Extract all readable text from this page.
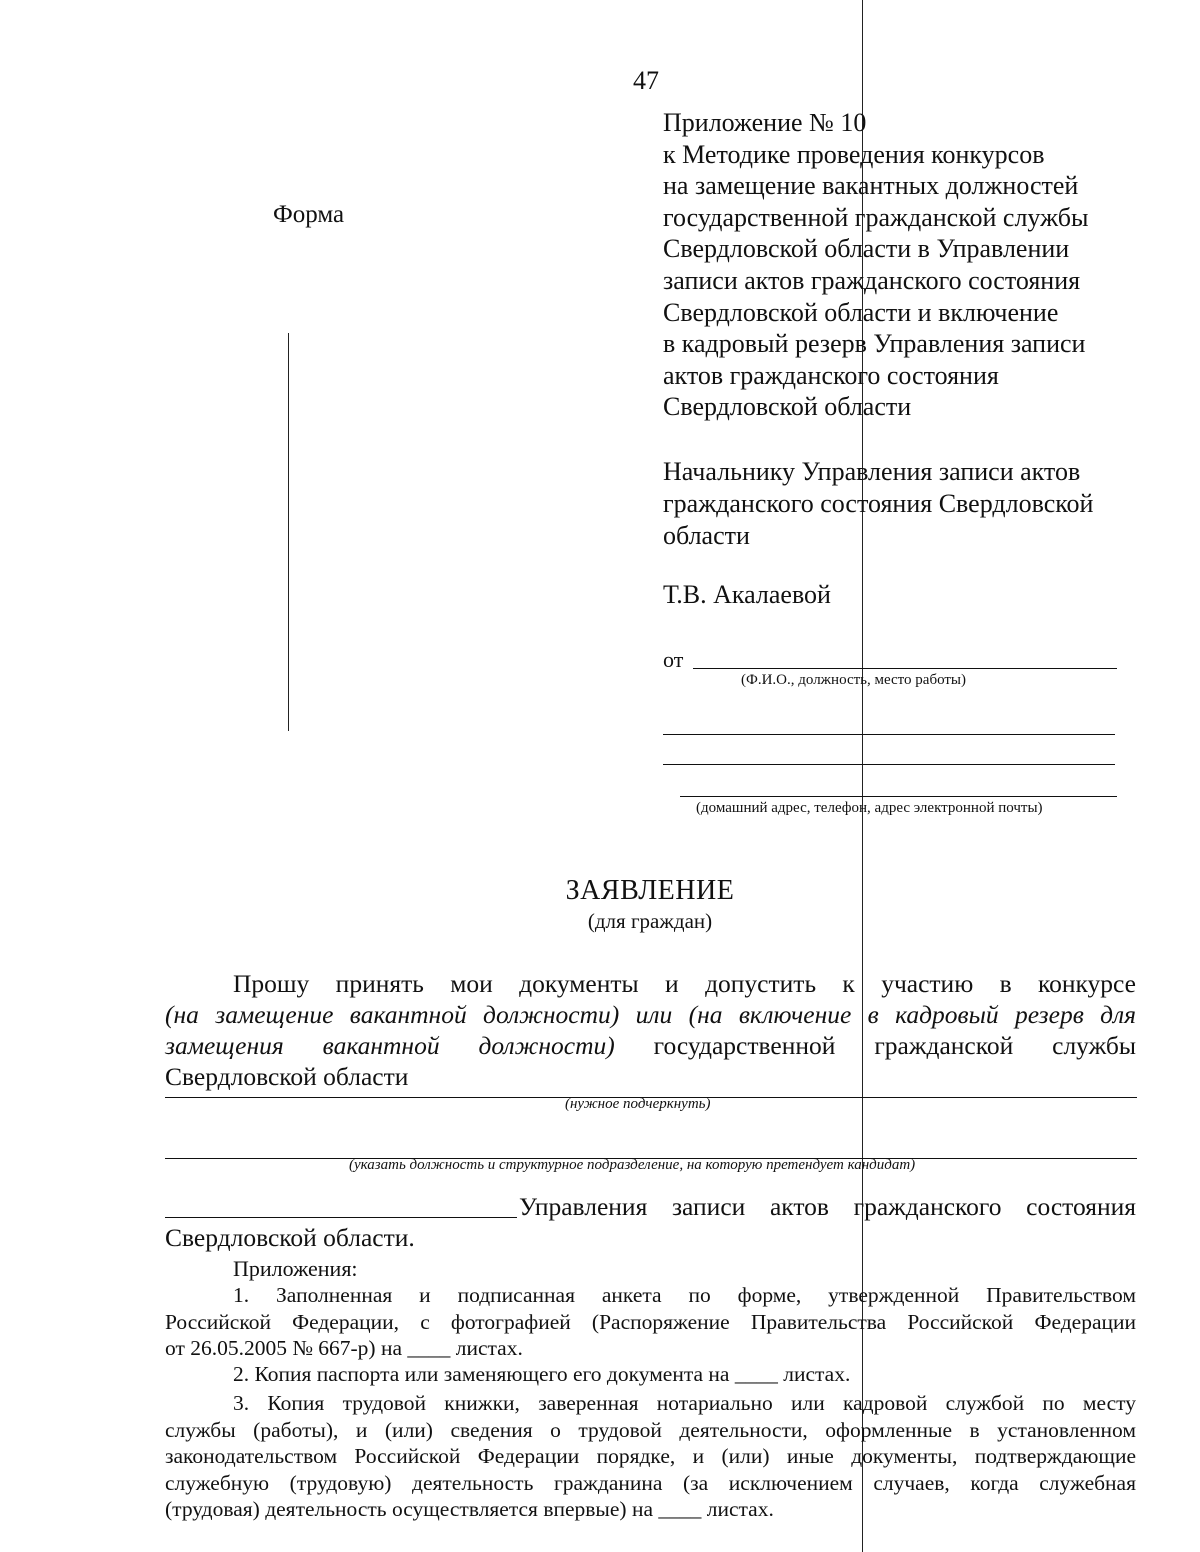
47
Форма
Приложение № 10
к Методике проведения конкурсов
на замещение вакантных должностей
государственной гражданской службы
Свердловской области в Управлении
записи актов гражданского состояния
Свердловской области и включение
в кадровый резерв Управления записи
актов гражданского состояния
Свердловской области
Начальнику Управления записи актов
гражданского состояния Свердловской
области
Т.В. Акалаевой
от
(Ф.И.О., должность, место работы)
(домашний адрес, телефон, адрес электронной почты)
ЗАЯВЛЕНИЕ
(для граждан)
Прошу принять мои документы и допустить к участию в конкурсе
(на замещение вакантной должности) или (на включение в кадровый резерв для
замещения вакантной должности) государственной гражданской службы
Свердловской области
(нужное подчеркнуть)
(указать должность и структурное подразделение, на которую претендует кандидат)
Управления записи актов гражданского состояния
Свердловской области.
Приложения:
1. Заполненная и подписанная анкета по форме, утвержденной Правительством
Российской Федерации, с фотографией (Распоряжение Правительства Российской Федерации
от 26.05.2005 № 667-р) на ____ листах.
2. Копия паспорта или заменяющего его документа на ____ листах.
3. Копия трудовой книжки, заверенная нотариально или кадровой службой по месту
службы (работы), и (или) сведения о трудовой деятельности, оформленные в установленном
законодательством Российской Федерации порядке, и (или) иные документы, подтверждающие
служебную (трудовую) деятельность гражданина (за исключением случаев, когда служебная
(трудовая) деятельность осуществляется впервые) на ____ листах.
